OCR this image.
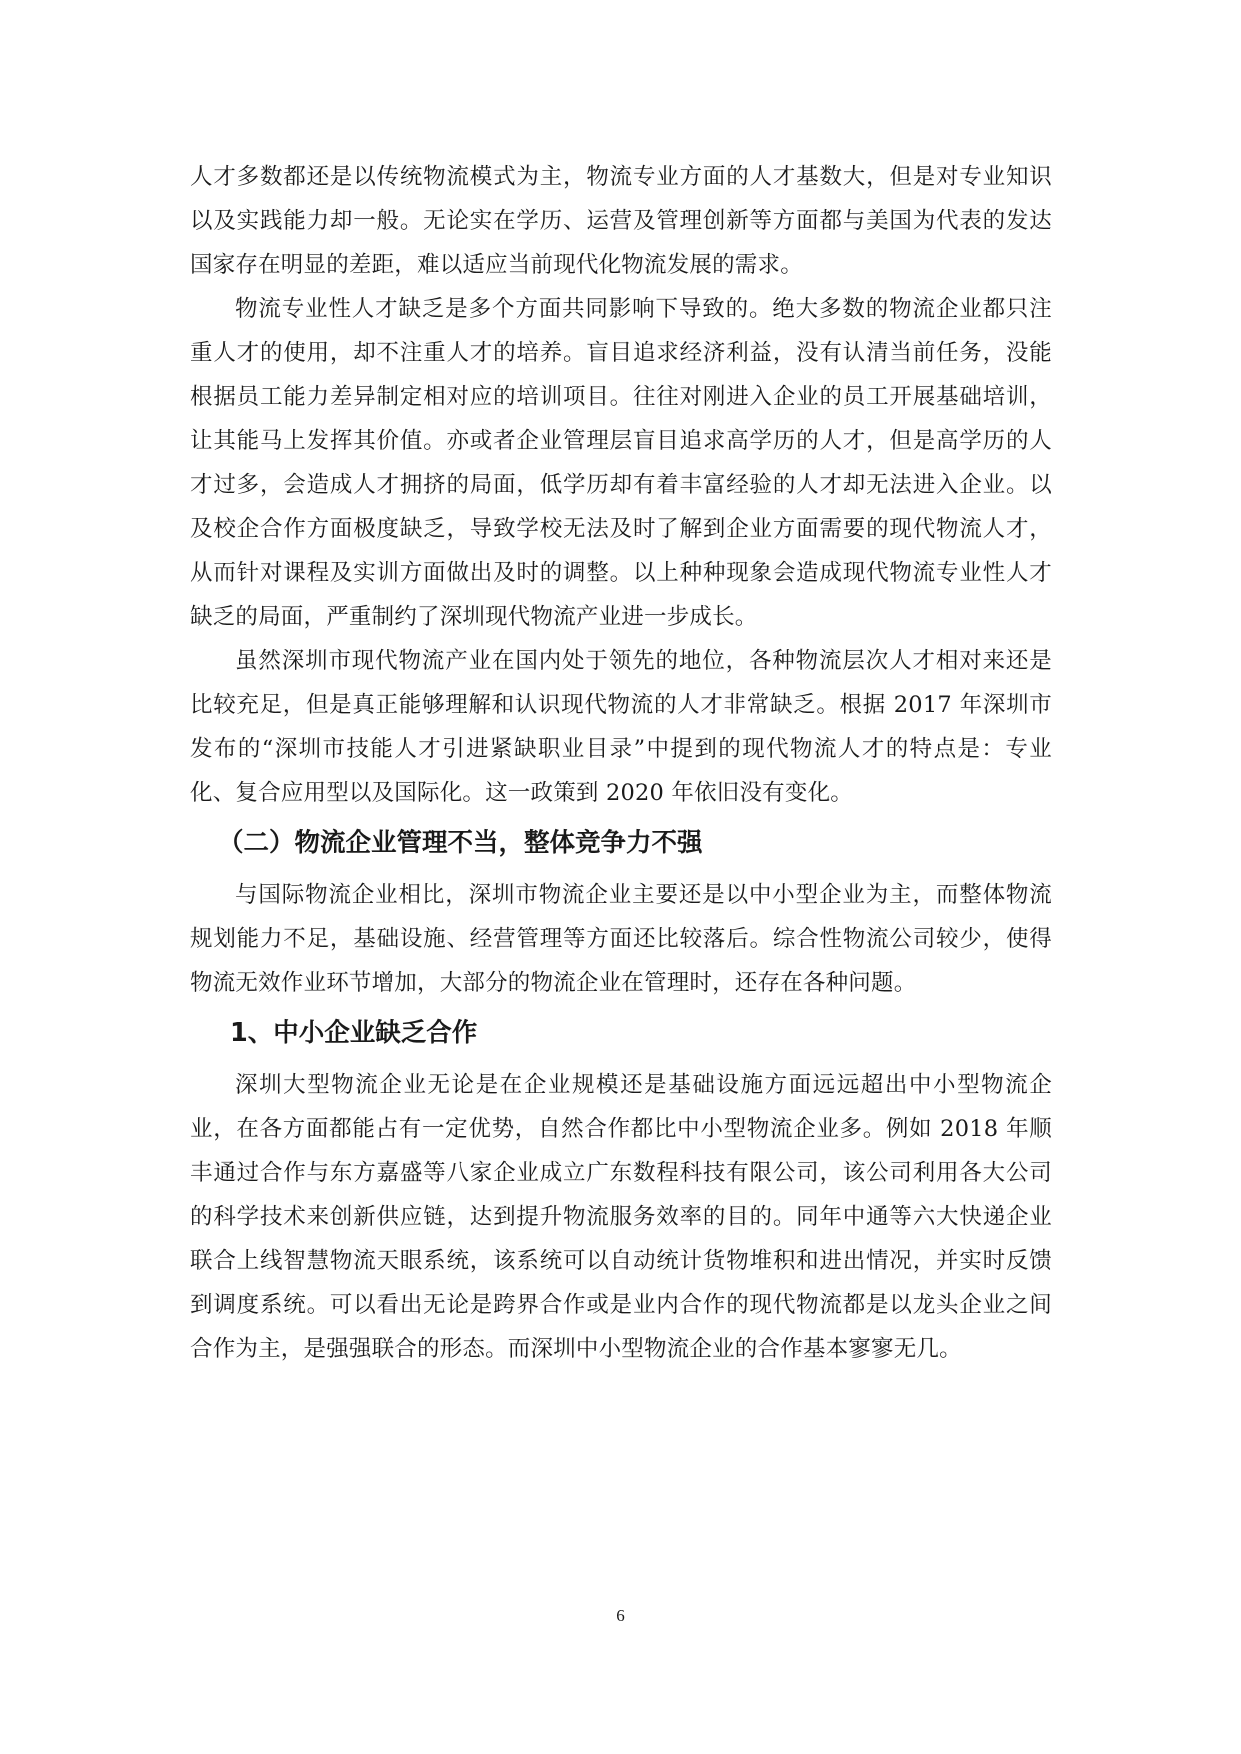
人才多数都还是以传统物流模式为主，物流专业方面的人才基数大，但是对专业知识以及实践能力却一般。无论实在学历、运营及管理创新等方面都与美国为代表的发达国家存在明显的差距，难以适应当前现代化物流发展的需求。

物流专业性人才缺乏是多个方面共同影响下导致的。绝大多数的物流企业都只注重人才的使用，却不注重人才的培养。盲目追求经济利益，没有认清当前任务，没能根据员工能力差异制定相对应的培训项目。往往对刚进入企业的员工开展基础培训，让其能马上发挥其价值。亦或者企业管理层盲目追求高学历的人才，但是高学历的人才过多，会造成人才拥挤的局面，低学历却有着丰富经验的人才却无法进入企业。以及校企合作方面极度缺乏，导致学校无法及时了解到企业方面需要的现代物流人才，从而针对课程及实训方面做出及时的调整。以上种种现象会造成现代物流专业性人才缺乏的局面，严重制约了深圳现代物流产业进一步成长。

虽然深圳市现代物流产业在国内处于领先的地位，各种物流层次人才相对来还是比较充足，但是真正能够理解和认识现代物流的人才非常缺乏。根据 2017 年深圳市发布的“深圳市技能人才引进紧缺职业目录”中提到的现代物流人才的特点是：专业化、复合应用型以及国际化。这一政策到 2020 年依旧没有变化。

（二）物流企业管理不当，整体竞争力不强

与国际物流企业相比，深圳市物流企业主要还是以中小型企业为主，而整体物流规划能力不足，基础设施、经营管理等方面还比较落后。综合性物流公司较少，使得物流无效作业环节增加，大部分的物流企业在管理时，还存在各种问题。

1、中小企业缺乏合作

深圳大型物流企业无论是在企业规模还是基础设施方面远远超出中小型物流企业，在各方面都能占有一定优势，自然合作都比中小型物流企业多。例如 2018 年顺丰通过合作与东方嘉盛等八家企业成立广东数程科技有限公司，该公司利用各大公司的科学技术来创新供应链，达到提升物流服务效率的目的。同年中通等六大快递企业联合上线智慧物流天眼系统，该系统可以自动统计货物堆积和进出情况，并实时反馈到调度系统。可以看出无论是跨界合作或是业内合作的现代物流都是以龙头企业之间合作为主，是强强联合的形态。而深圳中小型物流企业的合作基本寥寥无几。

6
